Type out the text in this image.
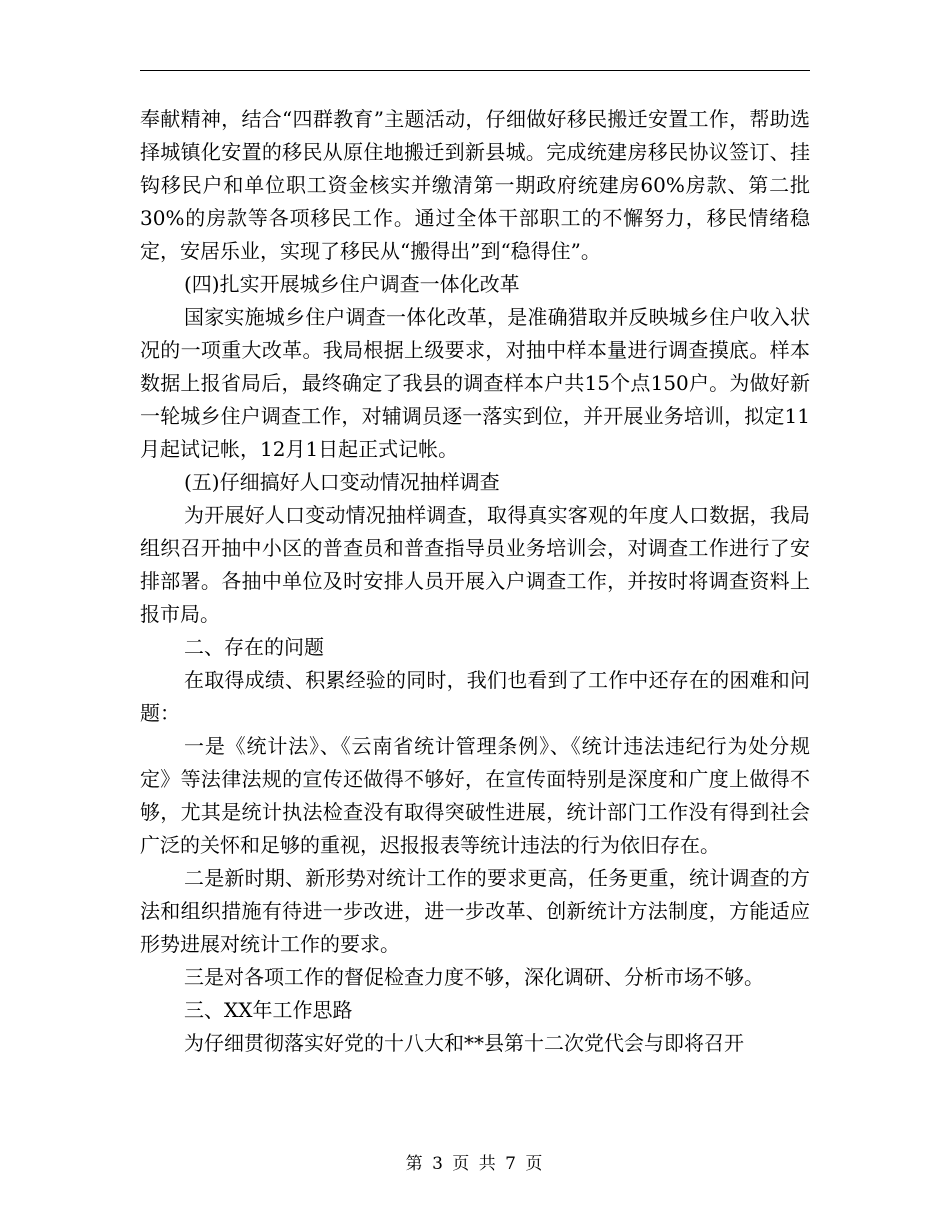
奉献精神，结合“四群教育”主题活动，仔细做好移民搬迁安置工作，帮助选择城镇化安置的移民从原住地搬迁到新县城。完成统建房移民协议签订、挂钩移民户和单位职工资金核实并缴清第一期政府统建房60%房款、第二批30%的房款等各项移民工作。通过全体干部职工的不懈努力，移民情绪稳定，安居乐业，实现了移民从“搬得出”到“稳得住”。

(四)扎实开展城乡住户调查一体化改革

国家实施城乡住户调查一体化改革，是准确猎取并反映城乡住户收入状况的一项重大改革。我局根据上级要求，对抽中样本量进行调查摸底。样本数据上报省局后，最终确定了我县的调查样本户共15个点150户。为做好新一轮城乡住户调查工作，对辅调员逐一落实到位，并开展业务培训，拟定11月起试记帐，12月1日起正式记帐。

(五)仔细搞好人口变动情况抽样调查

为开展好人口变动情况抽样调查，取得真实客观的年度人口数据，我局组织召开抽中小区的普查员和普查指导员业务培训会，对调查工作进行了安排部署。各抽中单位及时安排人员开展入户调查工作，并按时将调查资料上报市局。

二、存在的问题

在取得成绩、积累经验的同时，我们也看到了工作中还存在的困难和问题：

一是《统计法》、《云南省统计管理条例》、《统计违法违纪行为处分规定》等法律法规的宣传还做得不够好，在宣传面特别是深度和广度上做得不够，尤其是统计执法检查没有取得突破性进展，统计部门工作没有得到社会广泛的关怀和足够的重视，迟报报表等统计违法的行为依旧存在。

二是新时期、新形势对统计工作的要求更高，任务更重，统计调查的方法和组织措施有待进一步改进，进一步改革、创新统计方法制度，方能适应形势进展对统计工作的要求。

三是对各项工作的督促检查力度不够，深化调研、分析市场不够。

三、XX年工作思路

为仔细贯彻落实好党的十八大和**县第十二次党代会与即将召开

第 3 页 共 7 页
